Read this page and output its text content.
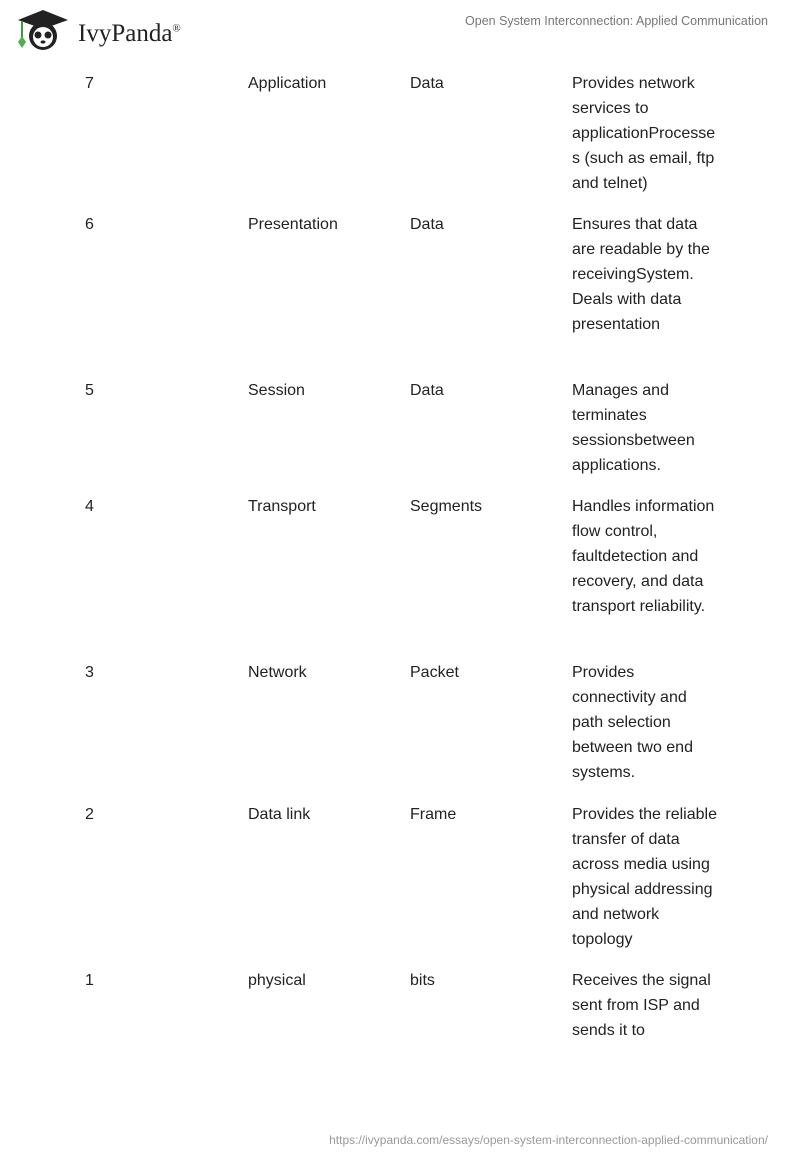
IvyPanda®
Open System Interconnection: Applied Communication
7	Application	Data	Provides network services to applicationProcesses (such as email, ftp and telnet)
6	Presentation	Data	Ensures that data are readable by the receivingSystem. Deals with data presentation
5	Session	Data	Manages and terminates sessionsbetween applications.
4	Transport	Segments	Handles information flow control, faultdetection and recovery, and data transport reliability.
3	Network	Packet	Provides connectivity and path selection between two end systems.
2	Data link	Frame	Provides the reliable transfer of data across media using physical addressing and network topology
1	physical	bits	Receives the signal sent from ISP and sends it to
https://ivypanda.com/essays/open-system-interconnection-applied-communication/
